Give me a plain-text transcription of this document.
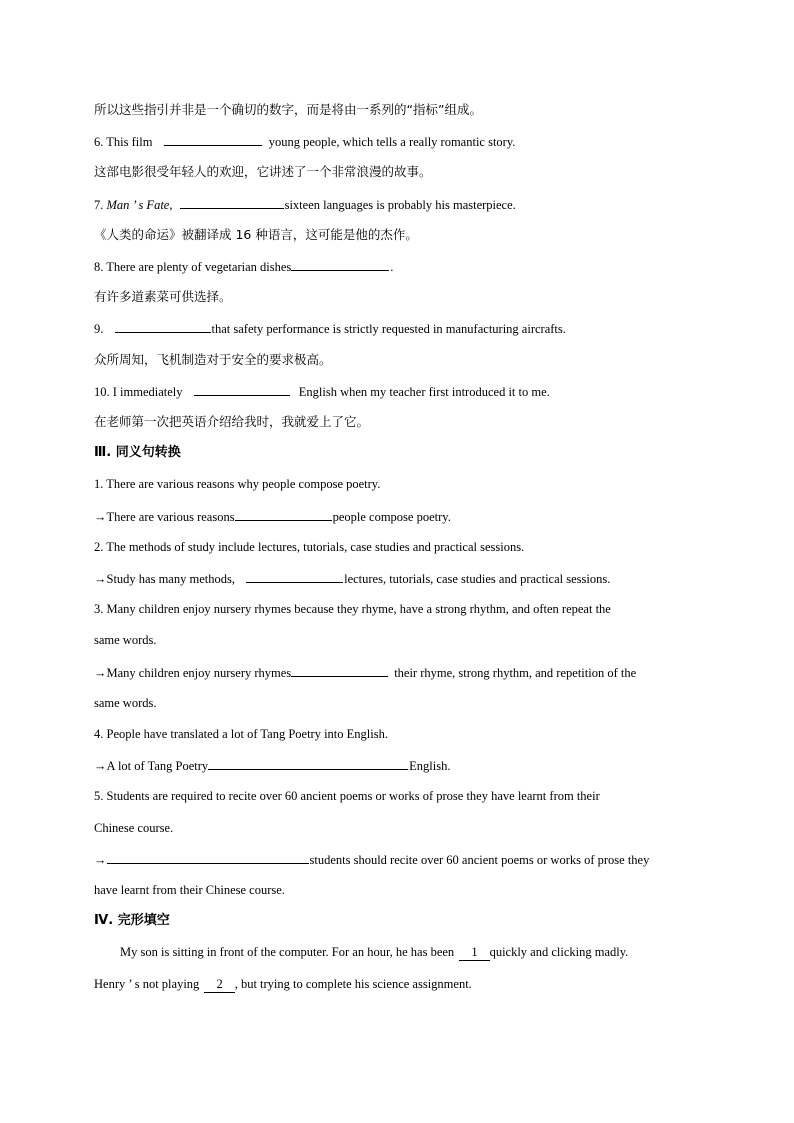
所以这些指引并非是一个确切的数字，而是将由一系列的“指标”组成。
6. This film	young people, which tells a really romantic story.
这部电影很受年轻人的欢迎，它讲述了一个非常浪漫的故事。
7. Man ’ s Fate,	sixteen languages is probably his masterpiece.
《人类的命运》被翻译成 16 种语言，这可能是他的杰作。
8. There are plenty of vegetarian dishes	.
有许多道素菜可供选择。
9.	that safety performance is strictly requested in manufacturing aircrafts.
众所周知，飞机制造对于安全的要求极高。
10. I immediately	English when my teacher first introduced it to me.
在老师第一次把英语介绍给我时，我就爱上了它。
Ⅲ. 同义句转换
1. There are various reasons why people compose poetry.
→There are various reasons	people compose poetry.
2. The methods of study include lectures, tutorials, case studies and practical sessions.
→Study has many methods,	lectures, tutorials, case studies and practical sessions.
3. Many children enjoy nursery rhymes because they rhyme, have a strong rhythm, and often repeat the
same words.
→Many children enjoy nursery rhymes	their rhyme, strong rhythm, and repetition of the
same words.
4. People have translated a lot of Tang Poetry into English.
→A lot of Tang Poetry	English.
5. Students are required to recite over 60 ancient poems or works of prose they have learnt from their
Chinese course.
→	students should recite over 60 ancient poems or works of prose they
have learnt from their Chinese course.
Ⅳ. 完形填空
My son is sitting in front of the computer. For an hour, he has been 1 quickly and clicking madly.
Henry ’ s not playing 2 , but trying to complete his science assignment.
